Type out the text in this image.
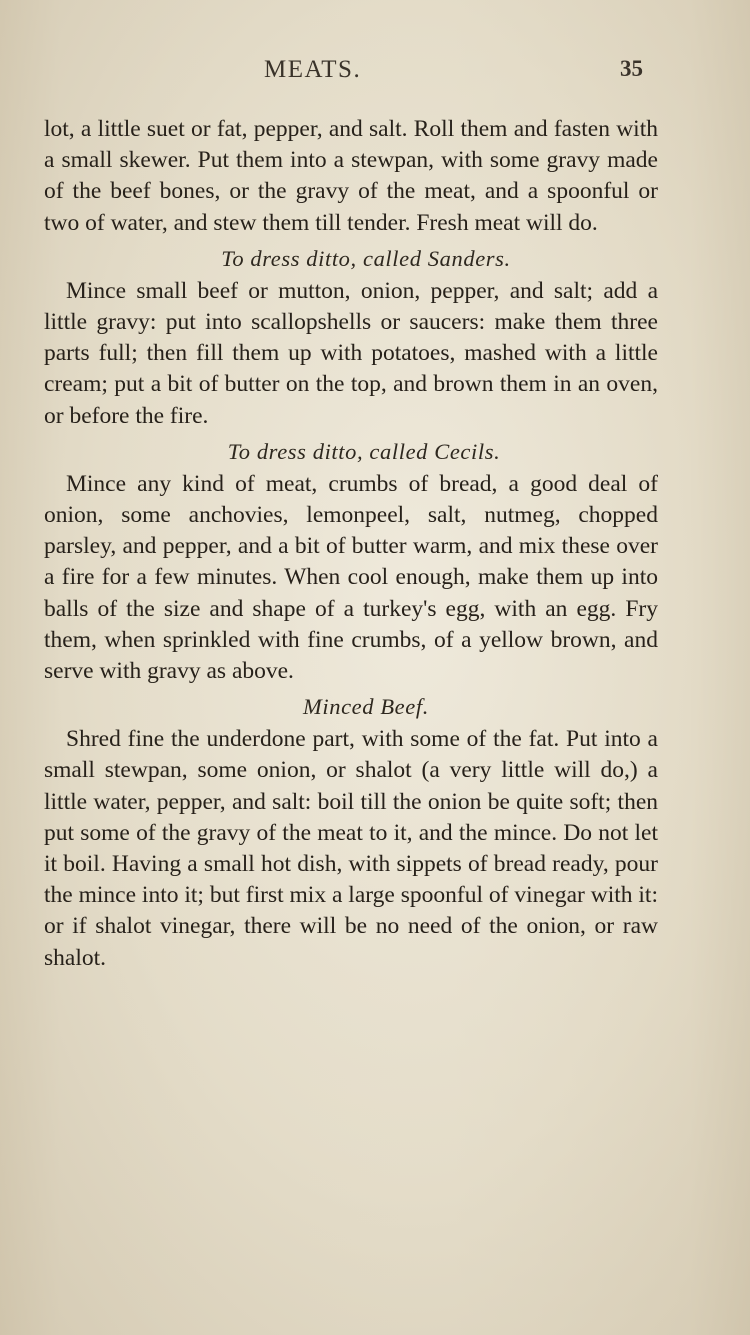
MEATS.	35

lot, a little suet or fat, pepper, and salt. Roll them and fasten with a small skewer. Put them into a stewpan, with some gravy made of the beef bones, or the gravy of the meat, and a spoonful or two of water, and stew them till tender. Fresh meat will do.

To dress ditto, called Sanders.

Mince small beef or mutton, onion, pepper, and salt; add a little gravy: put into scallopshells or saucers: make them three parts full; then fill them up with potatoes, mashed with a little cream; put a bit of butter on the top, and brown them in an oven, or before the fire.

To dress ditto, called Cecils.

Mince any kind of meat, crumbs of bread, a good deal of onion, some anchovies, lemonpeel, salt, nutmeg, chopped parsley, and pepper, and a bit of butter warm, and mix these over a fire for a few minutes. When cool enough, make them up into balls of the size and shape of a turkey's egg, with an egg. Fry them, when sprinkled with fine crumbs, of a yellow brown, and serve with gravy as above.

Minced Beef.

Shred fine the underdone part, with some of the fat. Put into a small stewpan, some onion, or shalot (a very little will do,) a little water, pepper, and salt: boil till the onion be quite soft; then put some of the gravy of the meat to it, and the mince. Do not let it boil. Having a small hot dish, with sippets of bread ready, pour the mince into it; but first mix a large spoonful of vinegar with it: or if shalot vinegar, there will be no need of the onion, or raw shalot.
